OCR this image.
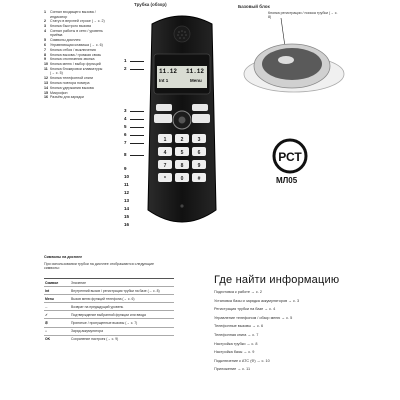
Трубка (обзор)	Базовый блок
1	Сигнал входящего вызова / индикатор
2	Статус в верхней строке (→ с. 2)
3	Кнопка быстрого вызова
4	Сигнал работы в сети / уровень приёма
5	Символы дисплея
6	Управляющая клавиша (→ с. 6)
7	Кнопка отбоя / выключения
8	Кнопка вызова / громкая связь
9	Кнопка отключения звонка
10 Кнопка меню / выбор функций
11 Кнопка блокировки клавиатуры (→ с. 5)
12 Кнопка телефонной книги
13 Кнопка повтора номера
14 Кнопка удержания вызова
15 Микрофон
16 Разъём для зарядки
1	2	3
4	5	6
7	8	9
*	0	#
11.12 11.12
Int 1	Menu
1
2
3
4
5
6
7
8
16
15
14
13
12
11
10
9
Кнопка регистрации / поиска трубки (→ с. 8)
РСТ
МЛ05
Символы на дисплее
При использовании трубки на дисплее отображаются следующие символы:
Символ	Значение
Int	Внутренний вызов / регистрация трубки на базе (→ с. 8)
Menu	Вызов меню функций телефона (→ с. 6)
←	Возврат на предыдущий уровень
✓	Подтверждение выбранной функции или ввода
✆	Принятые / пропущенные вызовы (→ с. 7)
⌂	Заряд аккумулятора
OK	Сохранение настроек (→ с. 9)
Где найти информацию
Подготовка к работе → с. 2
Установка базы и зарядка аккумуляторов → с. 3
Регистрация трубки на базе → с. 4
Управление телефоном / обзор меню → с. 5
Телефонные вызовы → с. 6
Телефонная книга → с. 7
Настройка трубки → с. 8
Настройка базы → с. 9
Подключение к АТС (Ф) → с. 10
Приложение → с. 11
